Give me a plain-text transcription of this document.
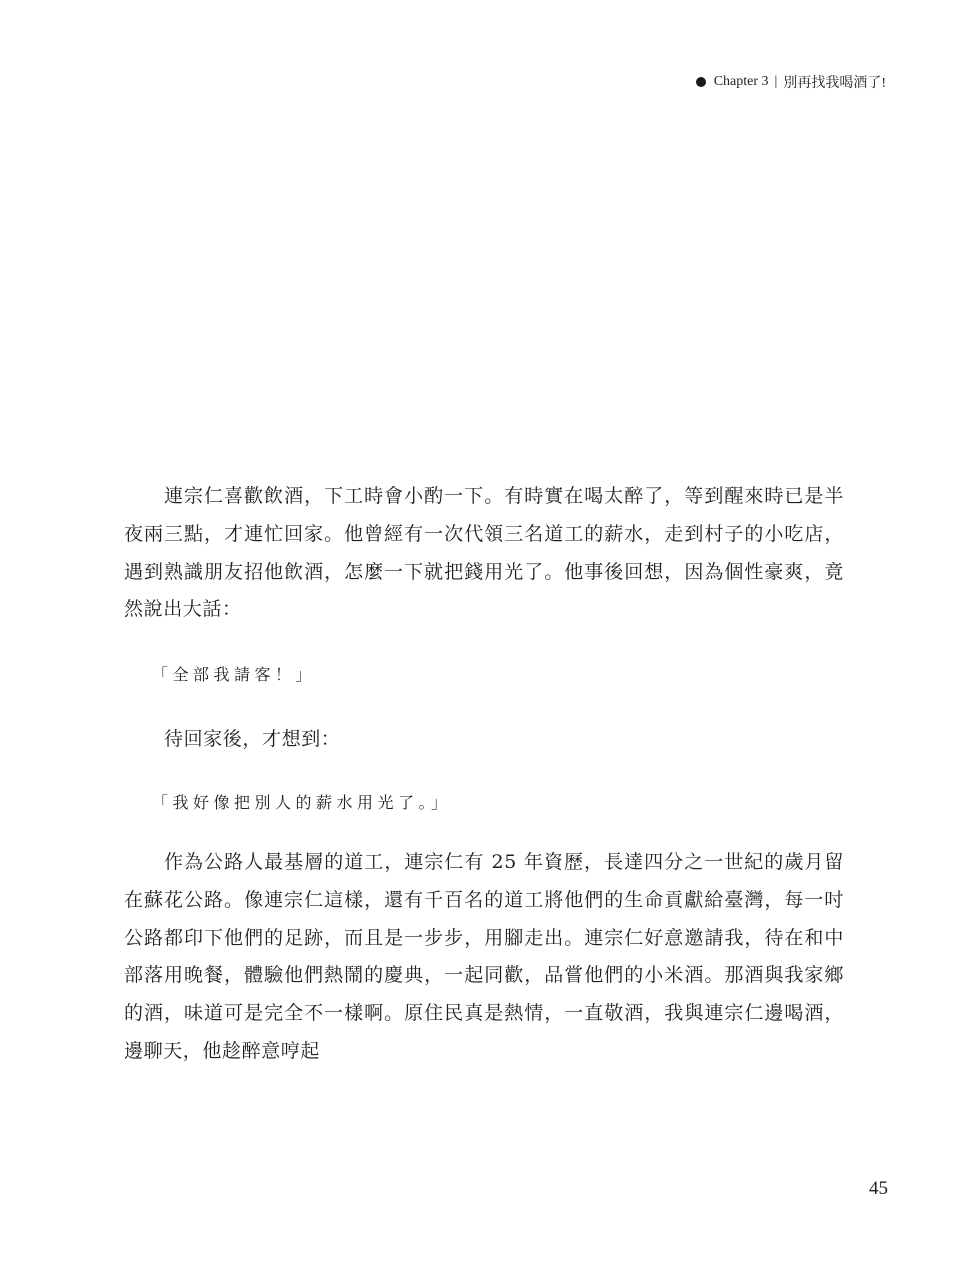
Chapter 3 | 別再找我喝酒了!

連宗仁喜歡飲酒，下工時會小酌一下。有時實在喝太醉了，等到醒來時已是半夜兩三點，才連忙回家。他曾經有一次代領三名道工的薪水，走到村子的小吃店，遇到熟識朋友招他飲酒，怎麼一下就把錢用光了。他事後回想，因為個性豪爽，竟然說出大話：

「全部我請客！」

待回家後，才想到：

「我好像把別人的薪水用光了。」

作為公路人最基層的道工，連宗仁有 25 年資歷，長達四分之一世紀的歲月留在蘇花公路。像連宗仁這樣，還有千百名的道工將他們的生命貢獻給臺灣，每一吋公路都印下他們的足跡，而且是一步步，用腳走出。連宗仁好意邀請我，待在和中部落用晚餐，體驗他們熱鬧的慶典，一起同歡，品嘗他們的小米酒。那酒與我家鄉的酒，味道可是完全不一樣啊。原住民真是熱情，一直敬酒，我與連宗仁邊喝酒，邊聊天，他趁醉意哼起

45
